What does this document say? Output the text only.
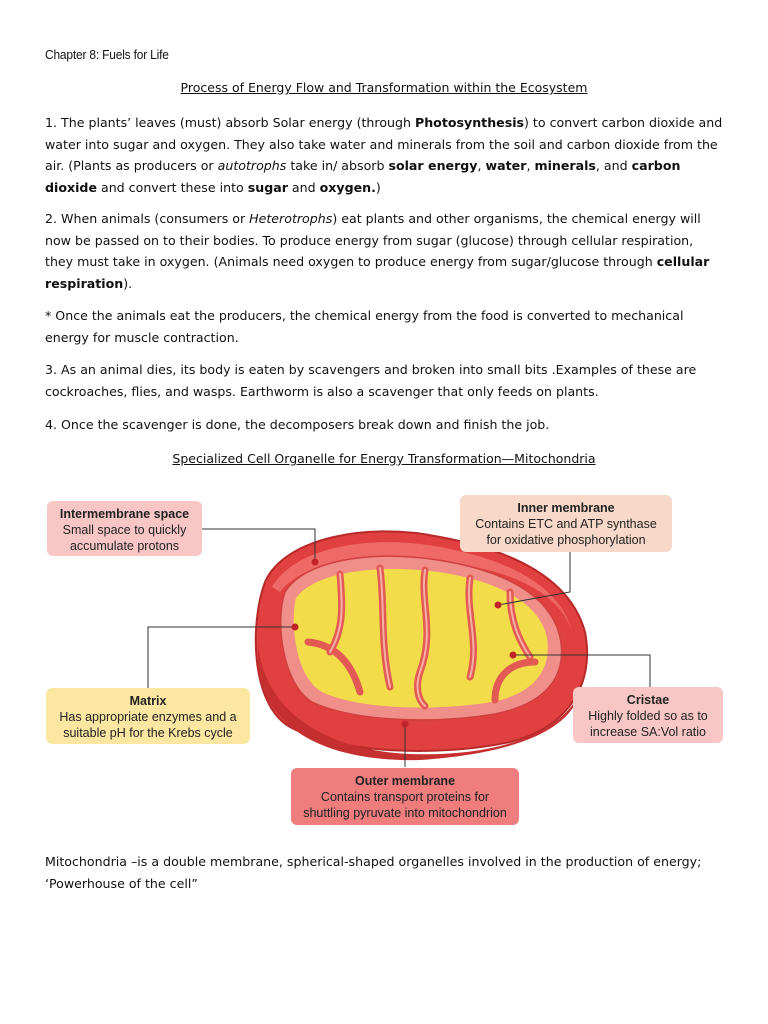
Chapter 8: Fuels for Life
Process of Energy Flow and Transformation within the Ecosystem
1. The plants’ leaves (must) absorb Solar energy (through Photosynthesis) to convert carbon dioxide and water into sugar and oxygen. They also take water and minerals from the soil and carbon dioxide from the air. (Plants as producers or autotrophs take in/ absorb solar energy, water, minerals, and carbon dioxide and convert these into sugar and oxygen.)
2. When animals (consumers or Heterotrophs) eat plants and other organisms, the chemical energy will now be passed on to their bodies. To produce energy from sugar (glucose) through cellular respiration, they must take in oxygen. (Animals need oxygen to produce energy from sugar/glucose through cellular respiration).
* Once the animals eat the producers, the chemical energy from the food is converted to mechanical energy for muscle contraction.
3. As an animal dies, its body is eaten by scavengers and broken into small bits .Examples of these are cockroaches, flies, and wasps. Earthworm is also a scavenger that only feeds on plants.
4. Once the scavenger is done, the decomposers break down and finish the job.
Specialized Cell Organelle for Energy Transformation—Mitochondria
Intermembrane space
Small space to quickly
accumulate protons
Inner membrane
Contains ETC and ATP synthase
for oxidative phosphorylation
Matrix
Has appropriate enzymes and a
suitable pH for the Krebs cycle
Cristae
Highly folded so as to
increase SA:Vol ratio
Outer membrane
Contains transport proteins for
shuttling pyruvate into mitochondrion
Mitochondria –is a double membrane, spherical-shaped organelles involved in the production of energy; ‘Powerhouse of the cell”
